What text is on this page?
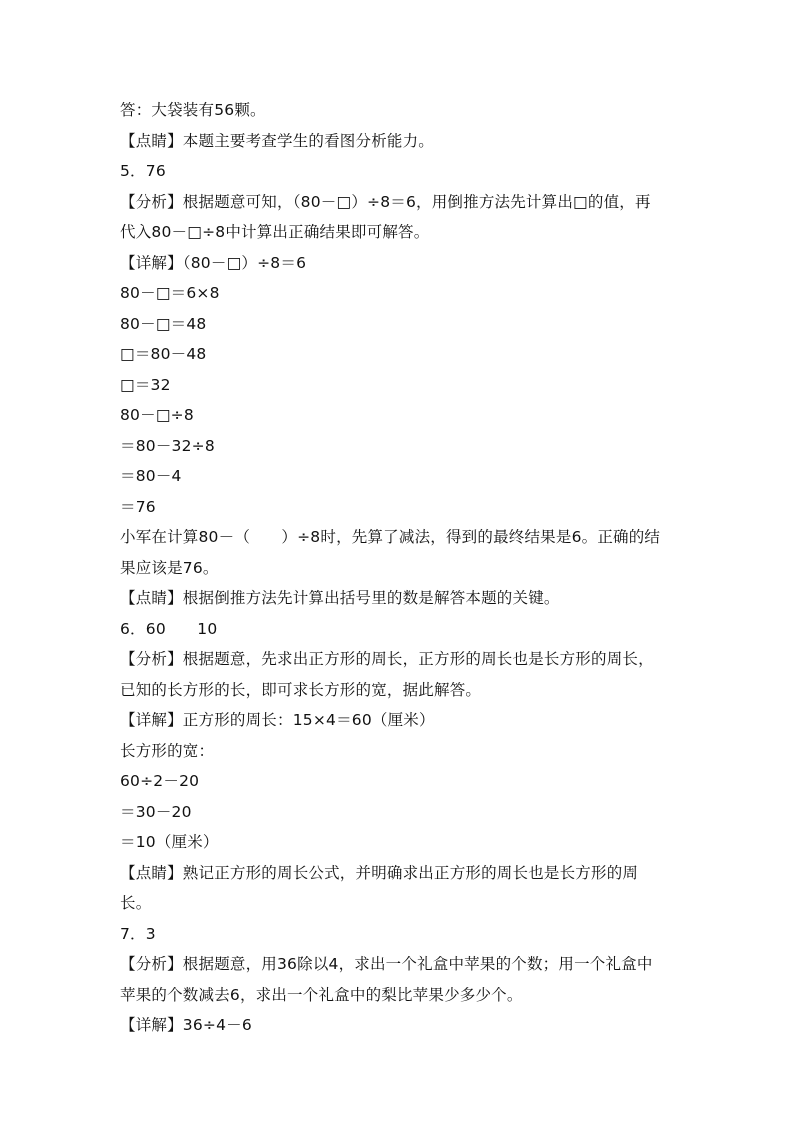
答：大袋装有56颗。
【点睛】本题主要考查学生的看图分析能力。
5．76
【分析】根据题意可知，（80－□）÷8＝6，用倒推方法先计算出□的值，再
代入80－□÷8中计算出正确结果即可解答。
【详解】（80－□）÷8＝6
80－□＝6×8
80－□＝48
□＝80－48
□＝32
80－□÷8
＝80－32÷8
＝80－4
＝76
小军在计算80－（　　）÷8时，先算了减法，得到的最终结果是6。正确的结
果应该是76。
【点睛】根据倒推方法先计算出括号里的数是解答本题的关键。
6．60　　10
【分析】根据题意，先求出正方形的周长，正方形的周长也是长方形的周长，
已知的长方形的长，即可求长方形的宽，据此解答。
【详解】正方形的周长：15×4＝60（厘米）
长方形的宽：
60÷2－20
＝30－20
＝10（厘米）
【点睛】熟记正方形的周长公式，并明确求出正方形的周长也是长方形的周
长。
7．3
【分析】根据题意，用36除以4，求出一个礼盒中苹果的个数；用一个礼盒中
苹果的个数减去6，求出一个礼盒中的梨比苹果少多少个。
【详解】36÷4－6
